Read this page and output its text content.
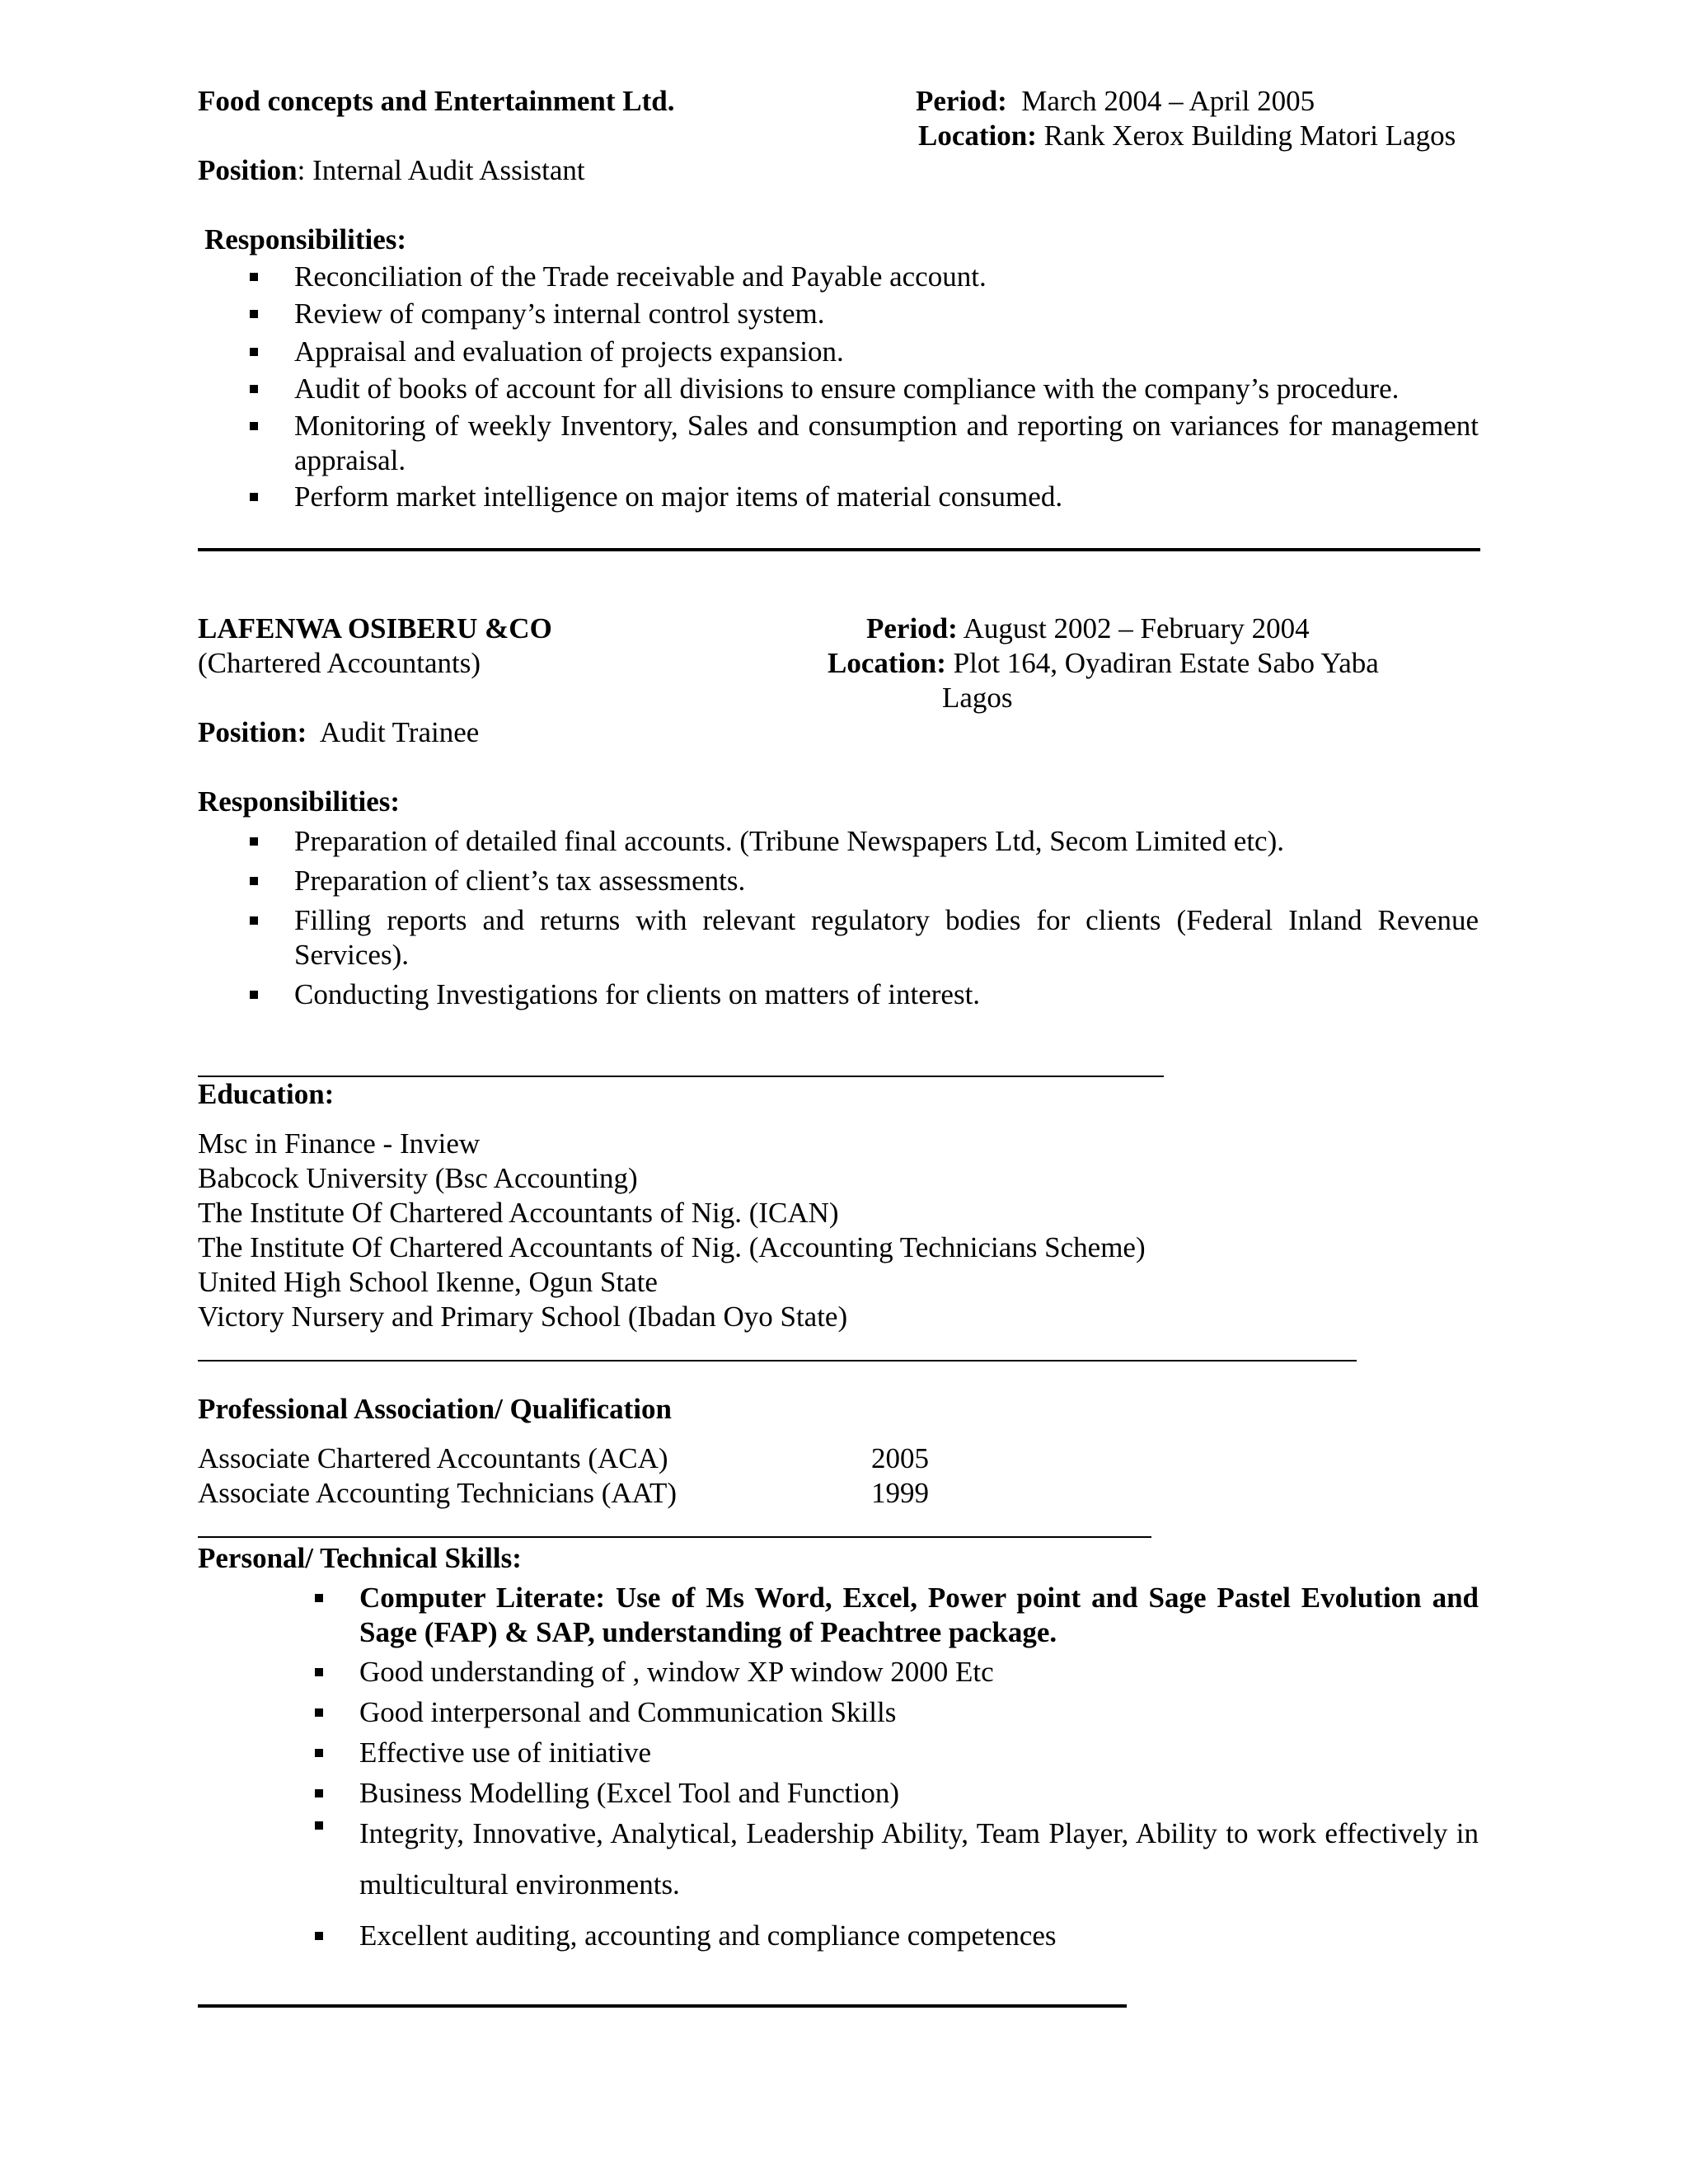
Food concepts and Entertainment Ltd.	Period: March 2004 – April 2005
Location: Rank Xerox Building Matori Lagos
Position: Internal Audit Assistant
Responsibilities:
Reconciliation of the Trade receivable and Payable account.
Review of company’s internal control system.
Appraisal and evaluation of projects expansion.
Audit of books of account for all divisions to ensure compliance with the company’s procedure.
Monitoring of weekly Inventory, Sales and consumption and reporting on variances for management appraisal.
Perform market intelligence on major items of material consumed.
LAFENWA OSIBERU &CO
(Chartered Accountants)
Period: August 2002 – February 2004
Location: Plot 164, Oyadiran Estate Sabo Yaba
Lagos
Position: Audit Trainee
Responsibilities:
Preparation of detailed final accounts. (Tribune Newspapers Ltd, Secom Limited etc).
Preparation of client’s tax assessments.
Filling reports and returns with relevant regulatory bodies for clients (Federal Inland Revenue Services).
Conducting Investigations for clients on matters of interest.
Education:
Msc in Finance - Inview
Babcock University (Bsc Accounting)
The Institute Of Chartered Accountants of Nig. (ICAN)
The Institute Of Chartered Accountants of Nig. (Accounting Technicians Scheme)
United High School Ikenne, Ogun State
Victory Nursery and Primary School (Ibadan Oyo State)
Professional Association/ Qualification
Associate Chartered Accountants (ACA)	2005
Associate Accounting Technicians (AAT)	1999
Personal/ Technical Skills:
Computer Literate: Use of Ms Word, Excel, Power point and Sage Pastel Evolution and Sage (FAP) & SAP, understanding of Peachtree package.
Good understanding of , window XP window 2000 Etc
Good interpersonal and Communication Skills
Effective use of initiative
Business Modelling (Excel Tool and Function)
Integrity, Innovative, Analytical, Leadership Ability, Team Player, Ability to work effectively in multicultural environments.
Excellent auditing, accounting and compliance competences
